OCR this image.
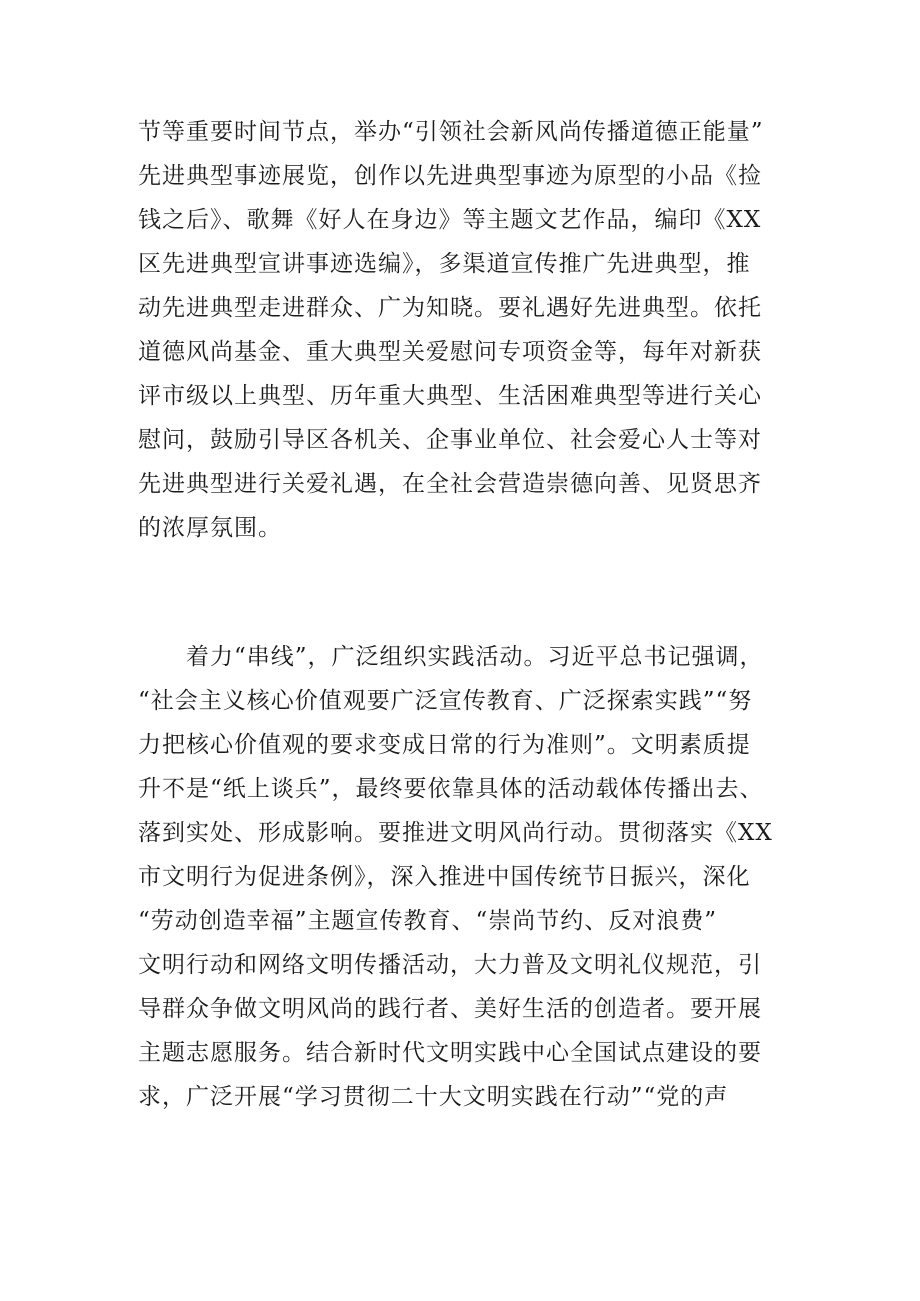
节等重要时间节点，举办“引领社会新风尚传播道德正能量”
先进典型事迹展览，创作以先进典型事迹为原型的小品《捡
钱之后》、歌舞《好人在身边》等主题文艺作品，编印《XX
区先进典型宣讲事迹选编》，多渠道宣传推广先进典型，推
动先进典型走进群众、广为知晓。要礼遇好先进典型。依托
道德风尚基金、重大典型关爱慰问专项资金等，每年对新获
评市级以上典型、历年重大典型、生活困难典型等进行关心
慰问，鼓励引导区各机关、企事业单位、社会爱心人士等对
先进典型进行关爱礼遇，在全社会营造崇德向善、见贤思齐
的浓厚氛围。
着力“串线”，广泛组织实践活动。习近平总书记强调，
“社会主义核心价值观要广泛宣传教育、广泛探索实践”“努
力把核心价值观的要求变成日常的行为准则”。文明素质提
升不是“纸上谈兵”，最终要依靠具体的活动载体传播出去、
落到实处、形成影响。要推进文明风尚行动。贯彻落实《XX
市文明行为促进条例》，深入推进中国传统节日振兴，深化
“劳动创造幸福”主题宣传教育、“崇尚节约、反对浪费”
文明行动和网络文明传播活动，大力普及文明礼仪规范，引
导群众争做文明风尚的践行者、美好生活的创造者。要开展
主题志愿服务。结合新时代文明实践中心全国试点建设的要
求，广泛开展“学习贯彻二十大文明实践在行动”“党的声
